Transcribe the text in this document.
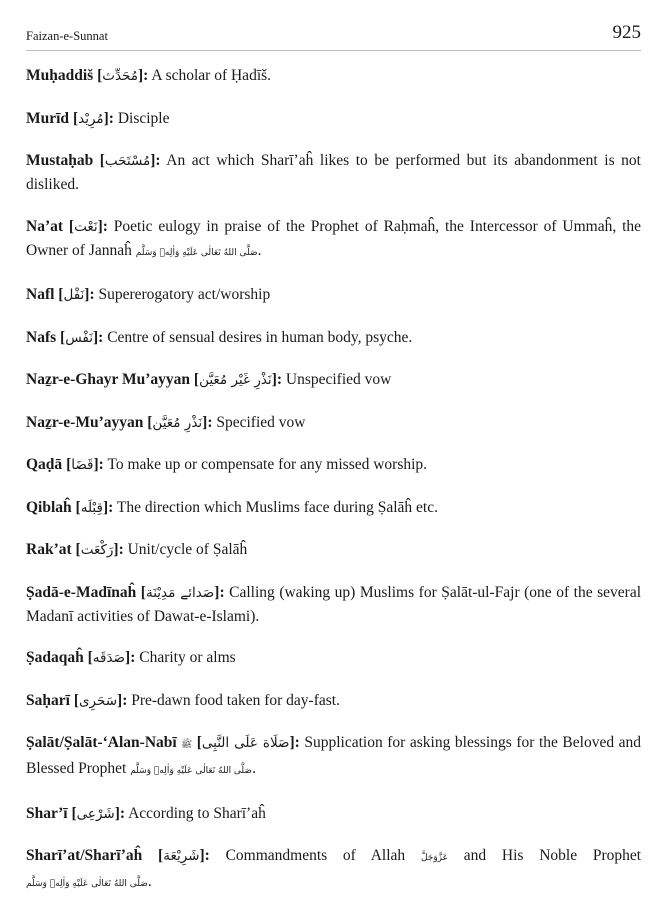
Faizan-e-Sunnat	925

Muḥaddiš [مُحَدِّث]: A scholar of Ḥadīš.

Murīd [مُرِيْد]: Disciple

Mustaḥab [مُسْتَحَب]: An act which Sharī’aĥ likes to be performed but its abandonment is not disliked.

Na’at [نَعْت]: Poetic eulogy in praise of the Prophet of Raḥmaĥ, the Intercessor of Ummaĥ, the Owner of Jannaĥ صَلَّى اللهُ تَعَالٰى عَلَيْهِ وَاٰلِهٖ وَسَلَّم.

Nafl [نَفْل]: Supererogatory act/worship

Nafs [نَفْس]: Centre of sensual desires in human body, psyche.

Naẕr-e-Ghayr Mu’ayyan [نَذْرِ غَيْر مُعَيَّن]: Unspecified vow

Naẕr-e-Mu’ayyan [نَذْرِ مُعَيَّن]: Specified vow

Qaḍā [قَضَا]: To make up or compensate for any missed worship.

Qiblaĥ [قِبْلَه]: The direction which Muslims face during Ṣalāĥ etc.

Rak’at [رَكْعَت]: Unit/cycle of Ṣalāĥ

Ṣadā-e-Madīnaĥ [صَدائے مَدِيْنَة]: Calling (waking up) Muslims for Ṣalāt-ul-Fajr (one of the several Madanī activities of Dawat-e-Islami).

Ṣadaqaĥ [صَدَقَه]: Charity or alms

Saḥarī [سَحَرِی]: Pre-dawn food taken for day-fast.

Ṣalāt/Ṣalāt-‘Alan-Nabī ﷺ [صَلَاة عَلَى النَّبِی]: Supplication for asking blessings for the Beloved and Blessed Prophet صَلَّى اللهُ تَعَالٰى عَلَيْهِ وَاٰلِهٖ وَسَلَّم.

Shar’ī [شَرْعِی]: According to Sharī’aĥ

Sharī’at/Sharī’aĥ [شَرِيْعَة]: Commandments of Allah عَزَّوَجَلَّ and His Noble Prophet صَلَّى اللهُ تَعَالٰى عَلَيْهِ وَاٰلِهٖ وَسَلَّم.
